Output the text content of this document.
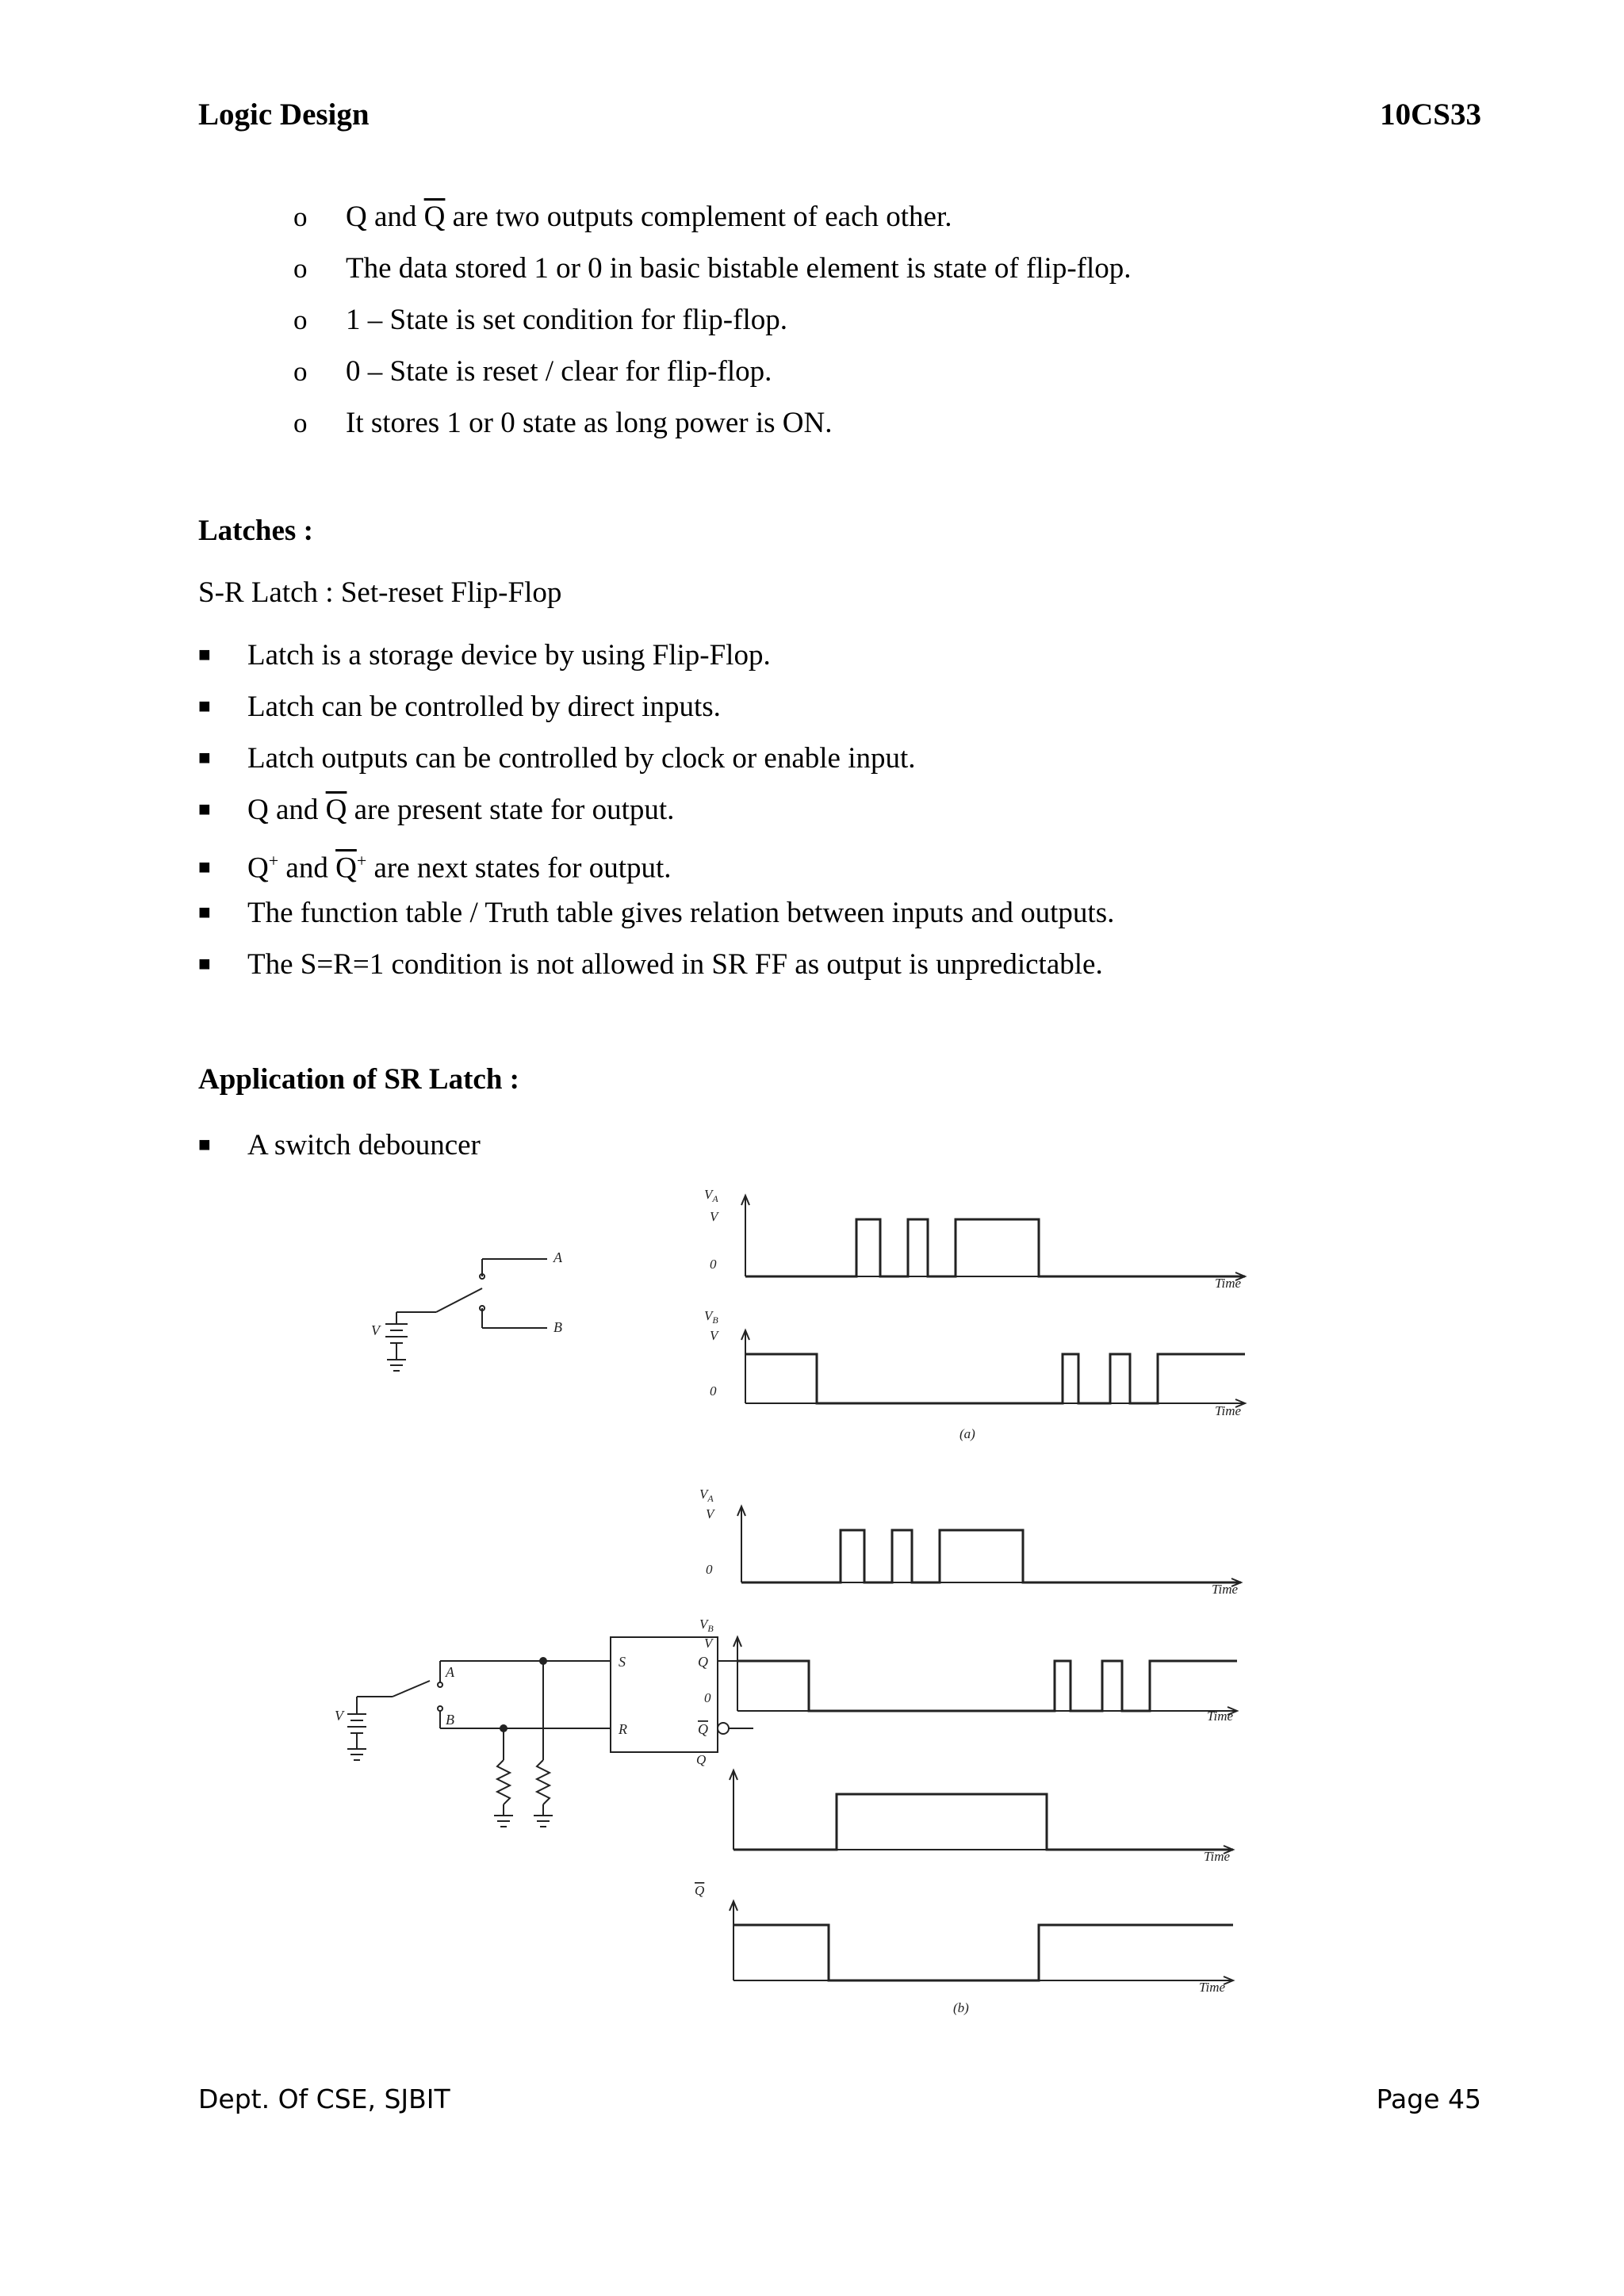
Logic Design	10CS33
o Q and $\overline{Q}$ are two outputs complement of each other.
o The data stored 1 or 0 in basic bistable element is state of flip-flop.
o 1 – State is set condition for flip-flop.
o 0 – State is reset / clear for flip-flop.
o It stores 1 or 0 state as long power is ON.
Latches :
S-R Latch : Set-reset Flip-Flop
■ Latch is a storage device by using Flip-Flop.
■ Latch can be controlled by direct inputs.
■ Latch outputs can be controlled by clock or enable input.
■ Q and $\overline{Q}$ are present state for output.
■ Q+ and $\overline{Q}^+$ are next states for output.
■ The function table / Truth table gives relation between inputs and outputs.
■ The S=R=1 condition is not allowed in SR FF as output is unpredictable.
Application of SR Latch :
■ A switch debouncer
A
B
V
V
A
B
S
R
Q
Q
$V_A$
V
0
Time
$V_B$
V
0
Time
(a)
$V_A$
V
0
Time
$V_B$
V
0
Time
Q
Time
Q
Time
(b)
Dept. Of CSE, SJBIT	Page 45
